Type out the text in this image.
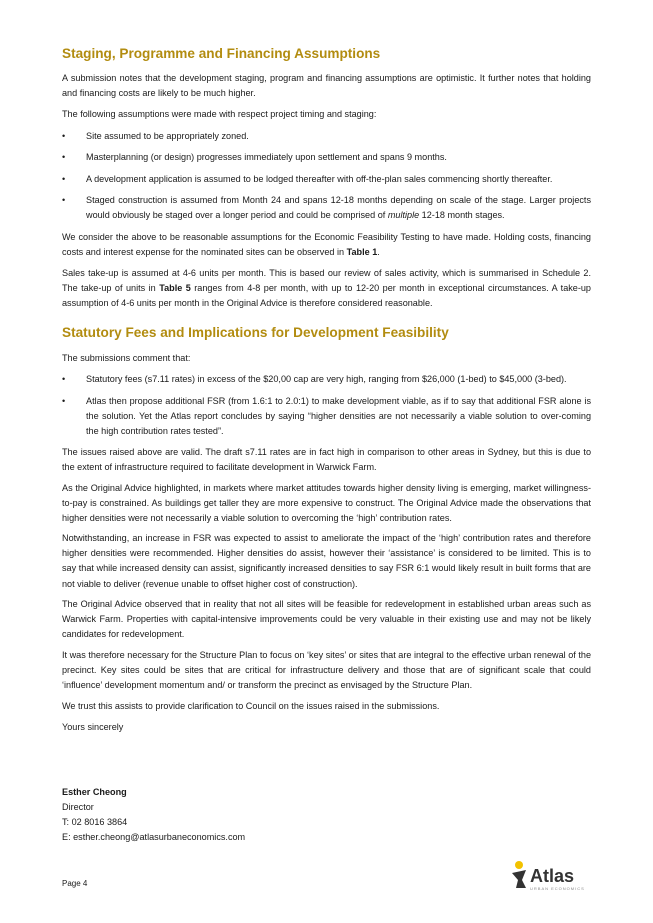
Staging, Programme and Financing Assumptions

A submission notes that the development staging, program and financing assumptions are optimistic. It further notes that holding and financing costs are likely to be much higher.

The following assumptions were made with respect project timing and staging:

• Site assumed to be appropriately zoned.
• Masterplanning (or design) progresses immediately upon settlement and spans 9 months.
• A development application is assumed to be lodged thereafter with off-the-plan sales commencing shortly thereafter.
• Staged construction is assumed from Month 24 and spans 12-18 months depending on scale of the stage. Larger projects would obviously be staged over a longer period and could be comprised of multiple 12-18 month stages.

We consider the above to be reasonable assumptions for the Economic Feasibility Testing to have made. Holding costs, financing costs and interest expense for the nominated sites can be observed in Table 1.

Sales take-up is assumed at 4-6 units per month. This is based our review of sales activity, which is summarised in Schedule 2. The take-up of units in Table 5 ranges from 4-8 per month, with up to 12-20 per month in exceptional circumstances. A take-up assumption of 4-6 units per month in the Original Advice is therefore considered reasonable.

Statutory Fees and Implications for Development Feasibility

The submissions comment that:

• Statutory fees (s7.11 rates) in excess of the $20,00 cap are very high, ranging from $26,000 (1-bed) to $45,000 (3-bed).
• Atlas then propose additional FSR (from 1.6:1 to 2.0:1) to make development viable, as if to say that additional FSR alone is the solution. Yet the Atlas report concludes by saying “higher densities are not necessarily a viable solution to over-coming the high contribution rates tested”.

The issues raised above are valid. The draft s7.11 rates are in fact high in comparison to other areas in Sydney, but this is due to the extent of infrastructure required to facilitate development in Warwick Farm.

As the Original Advice highlighted, in markets where market attitudes towards higher density living is emerging, market willingness-to-pay is constrained. As buildings get taller they are more expensive to construct. The Original Advice made the observations that higher densities were not necessarily a viable solution to overcoming the ‘high’ contribution rates.

Notwithstanding, an increase in FSR was expected to assist to ameliorate the impact of the ‘high’ contribution rates and therefore higher densities were recommended. Higher densities do assist, however their ‘assistance’ is considered to be limited. This is to say that while increased density can assist, significantly increased densities to say FSR 6:1 would likely result in built forms that are not viable to deliver (revenue unable to offset higher cost of construction).

The Original Advice observed that in reality that not all sites will be feasible for redevelopment in established urban areas such as Warwick Farm. Properties with capital-intensive improvements could be very valuable in their existing use and may not be likely candidates for redevelopment.

It was therefore necessary for the Structure Plan to focus on ‘key sites’ or sites that are integral to the effective urban renewal of the precinct. Key sites could be sites that are critical for infrastructure delivery and those that are of significant scale that could ‘influence’ development momentum and/ or transform the precinct as envisaged by the Structure Plan.

We trust this assists to provide clarification to Council on the issues raised in the submissions.

Yours sincerely

Esther Cheong
Director
T: 02 8016 3864
E: esther.cheong@atlasurbaneconomics.com
Page 4	Atlas
URBAN ECONOMICS
